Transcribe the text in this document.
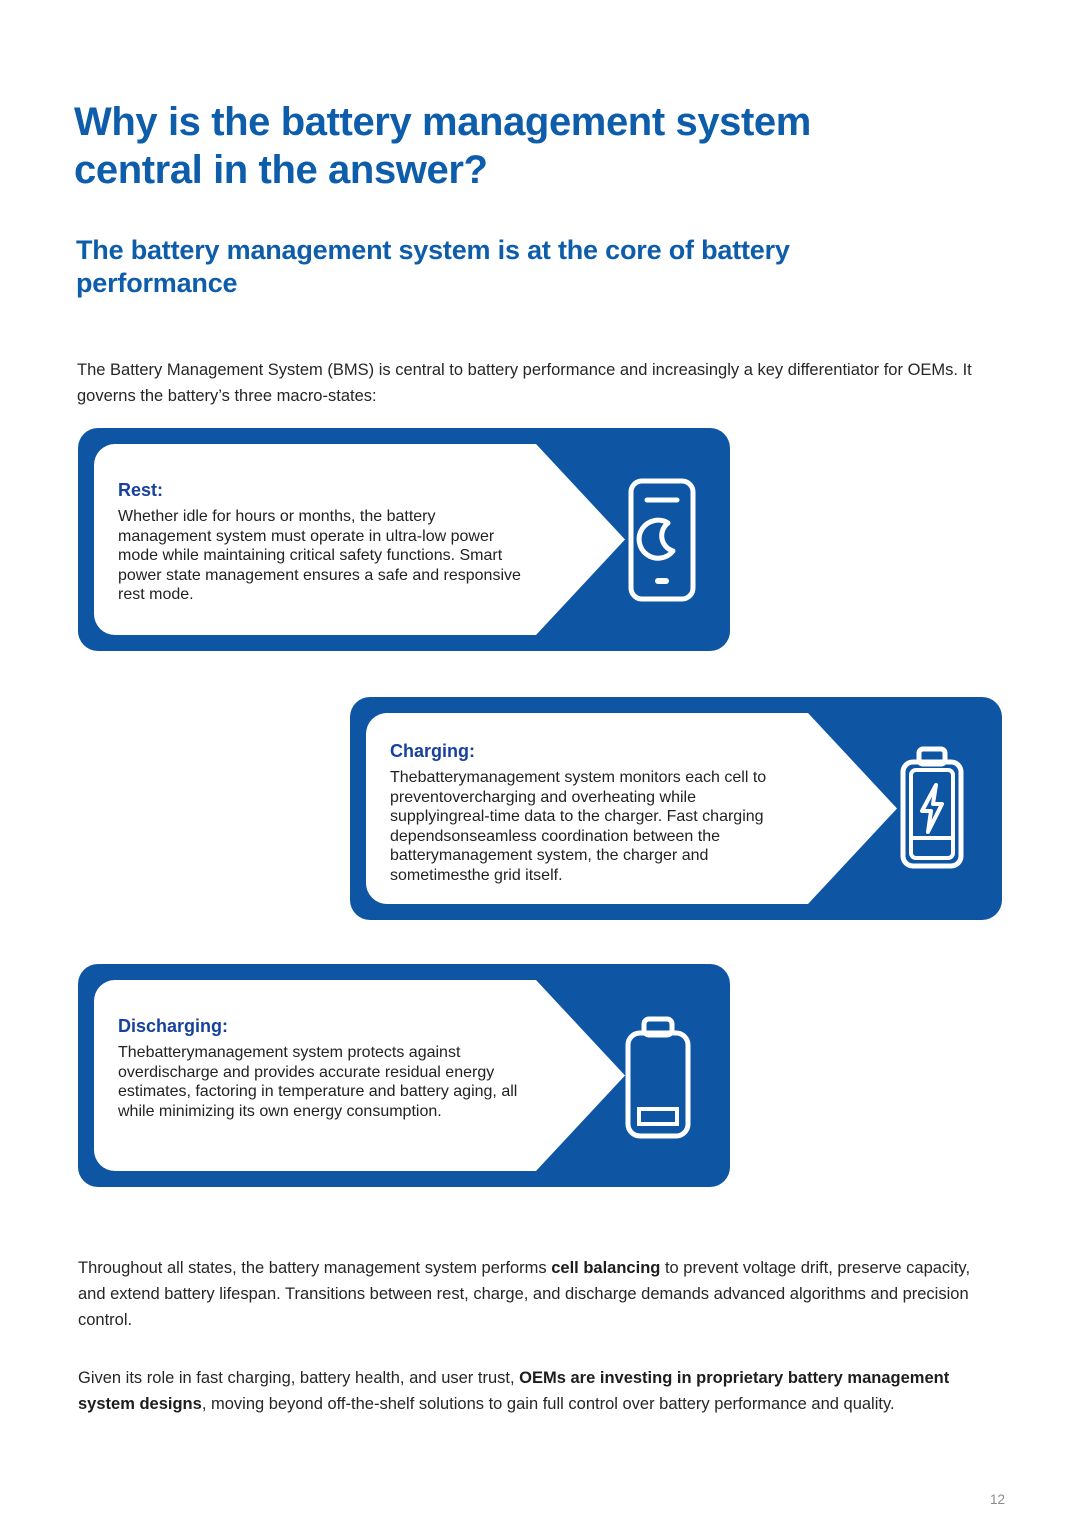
Why is the battery management system
central in the answer?
The battery management system is at the core of battery
performance

The Battery Management System (BMS) is central to battery performance and increasingly a key differentiator for OEMs. It governs the battery’s three macro-states:

Rest:

Whether idle for hours or months, the battery management system must operate in ultra-low power mode while maintaining critical safety functions. Smart power state management ensures a safe and responsive rest mode.

Charging:

Thebatterymanagement system monitors each cell to preventovercharging and overheating while supplyingreal-time data to the charger. Fast charging dependsonseamless coordination between the batterymanagement system, the charger and sometimesthe grid itself.

Discharging:

Thebatterymanagement system protects against overdischarge and provides accurate residual energy estimates, factoring in temperature and battery aging, all while minimizing its own energy consumption.

Throughout all states, the battery management system performs cell balancing to prevent voltage drift, preserve capacity, and extend battery lifespan. Transitions between rest, charge, and discharge demands advanced algorithms and precision control.

Given its role in fast charging, battery health, and user trust, OEMs are investing in proprietary battery management system designs, moving beyond off-the-shelf solutions to gain full control over battery performance and quality.

12
